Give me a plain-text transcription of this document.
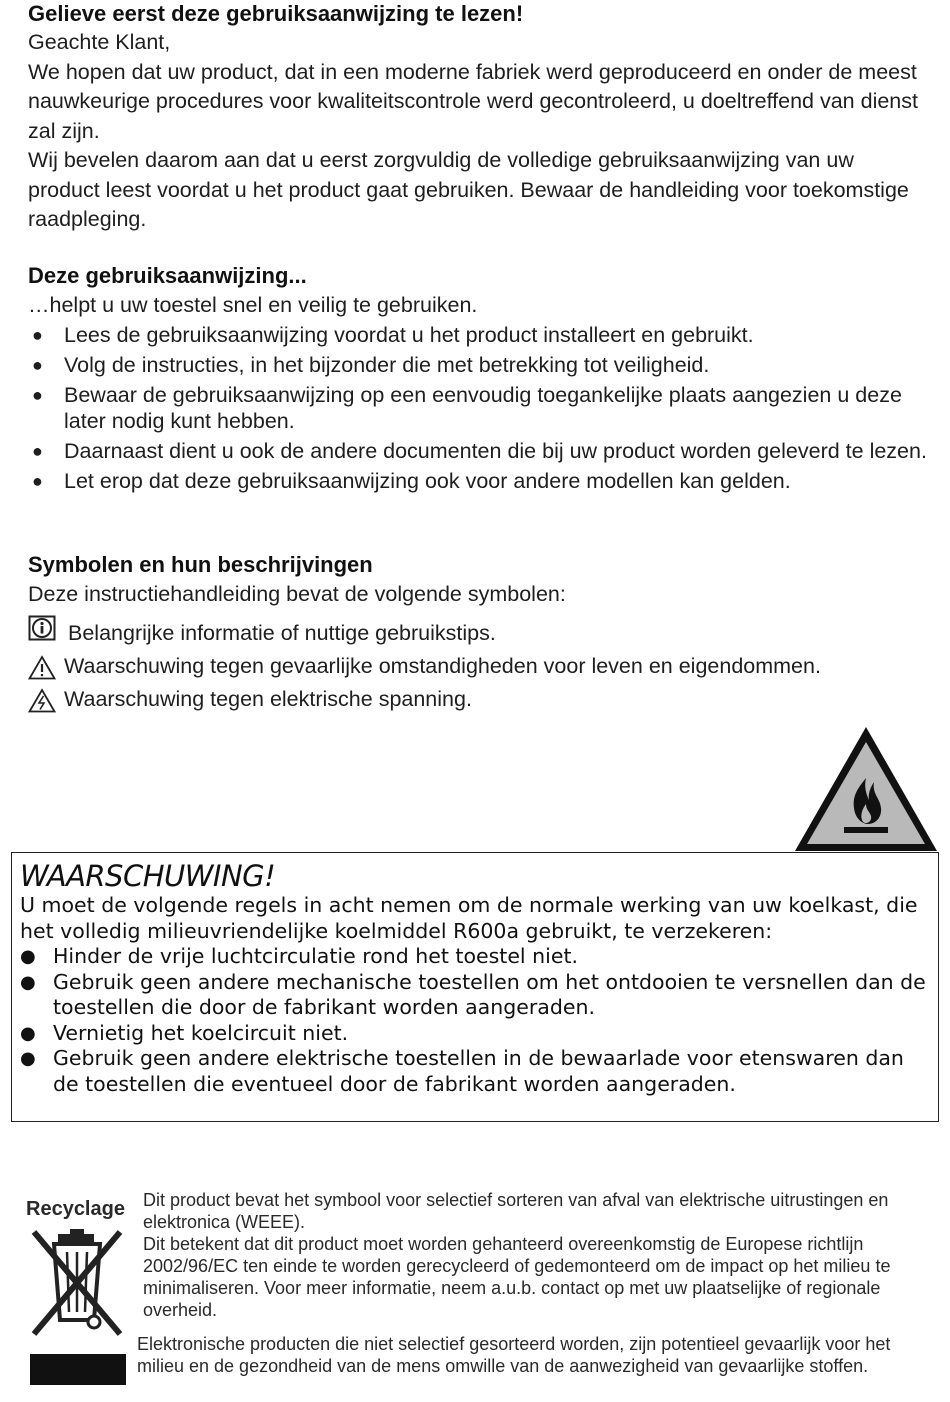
Gelieve eerst deze gebruiksaanwijzing te lezen!

Geachte Klant,

We hopen dat uw product, dat in een moderne fabriek werd geproduceerd en onder de meest nauwkeurige procedures voor kwaliteitscontrole werd gecontroleerd, u doeltreffend van dienst zal zijn.

Wij bevelen daarom aan dat u eerst zorgvuldig de volledige gebruiksaanwijzing van uw product leest voordat u het product gaat gebruiken. Bewaar de handleiding voor toekomstige raadpleging.

Deze gebruiksaanwijzing...
…helpt u uw toestel snel en veilig te gebruiken.
● Lees de gebruiksaanwijzing voordat u het product installeert en gebruikt.
● Volg de instructies, in het bijzonder die met betrekking tot veiligheid.
● Bewaar de gebruiksaanwijzing op een eenvoudig toegankelijke plaats aangezien u deze later nodig kunt hebben.
● Daarnaast dient u ook de andere documenten die bij uw product worden geleverd te lezen.
● Let erop dat deze gebruiksaanwijzing ook voor andere modellen kan gelden.
Symbolen en hun beschrijvingen
Deze instructiehandleiding bevat de volgende symbolen:
Belangrijke informatie of nuttige gebruikstips.
Waarschuwing tegen gevaarlijke omstandigheden voor leven en eigendommen.
Waarschuwing tegen elektrische spanning.
WAARSCHUWING!

U moet de volgende regels in acht nemen om de normale werking van uw koelkast, die het volledig milieuvriendelijke koelmiddel R600a gebruikt, te verzekeren:

● Hinder de vrije luchtcirculatie rond het toestel niet.
● Gebruik geen andere mechanische toestellen om het ontdooien te versnellen dan de toestellen die door de fabrikant worden aangeraden.
● Vernietig het koelcircuit niet.
● Gebruik geen andere elektrische toestellen in de bewaarlade voor etenswaren dan de toestellen die eventueel door de fabrikant worden aangeraden.
Recyclage Dit product bevat het symbool voor selectief sorteren van afval van elektrische uitrustingen en elektronica (WEEE).

Dit betekent dat dit product moet worden gehanteerd overeenkomstig de Europese richtlijn 2002/96/EC ten einde te worden gerecycleerd of gedemonteerd om de impact op het milieu te minimaliseren. Voor meer informatie, neem a.u.b. contact op met uw plaatselijke of regionale overheid.

Elektronische producten die niet selectief gesorteerd worden, zijn potentieel gevaarlijk voor het milieu en de gezondheid van de mens omwille van de aanwezigheid van gevaarlijke stoffen.
